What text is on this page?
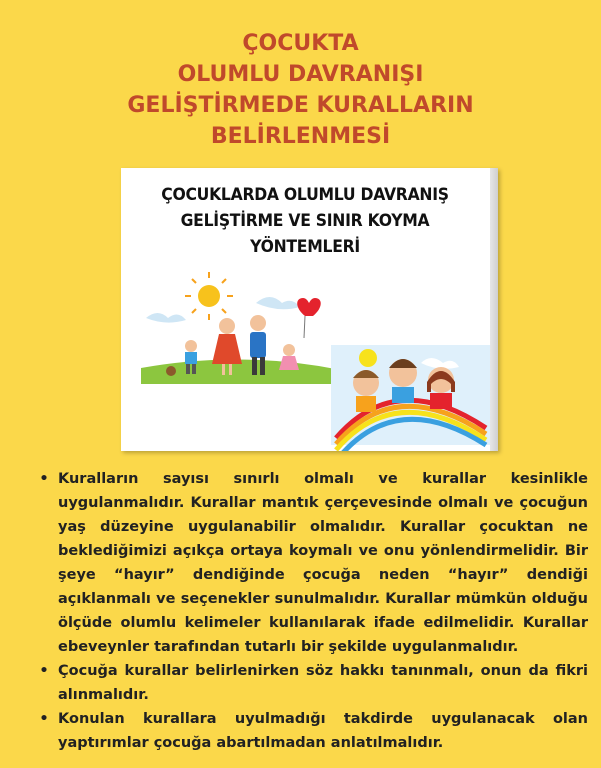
ÇOCUKTA
OLUMLU DAVRANIŞI
GELİŞTİRMEDE KURALLARIN
BELİRLENMESİ
ÇOCUKLARDA OLUMLU DAVRANIŞ
GELİŞTİRME VE SINIR KOYMA
YÖNTEMLERİ
• Kuralların sayısı sınırlı olmalı ve kurallar kesinlikle uygulanmalıdır. Kurallar mantık çerçevesinde olmalı ve çocuğun yaş düzeyine uygulanabilir olmalıdır. Kurallar çocuktan ne beklediğimizi açıkça ortaya koymalı ve onu yönlendirmelidir. Bir şeye “hayır” dendiğinde çocuğa neden “hayır” dendiği açıklanmalı ve seçenekler sunulmalıdır. Kurallar mümkün olduğu ölçüde olumlu kelimeler kullanılarak ifade edilmelidir. Kurallar ebeveynler tarafından tutarlı bir şekilde uygulanmalıdır.
• Çocuğa kurallar belirlenirken söz hakkı tanınmalı, onun da fikri alınmalıdır.
• Konulan kurallara uyulmadığı takdirde uygulanacak olan yaptırımlar çocuğa abartılmadan anlatılmalıdır.
